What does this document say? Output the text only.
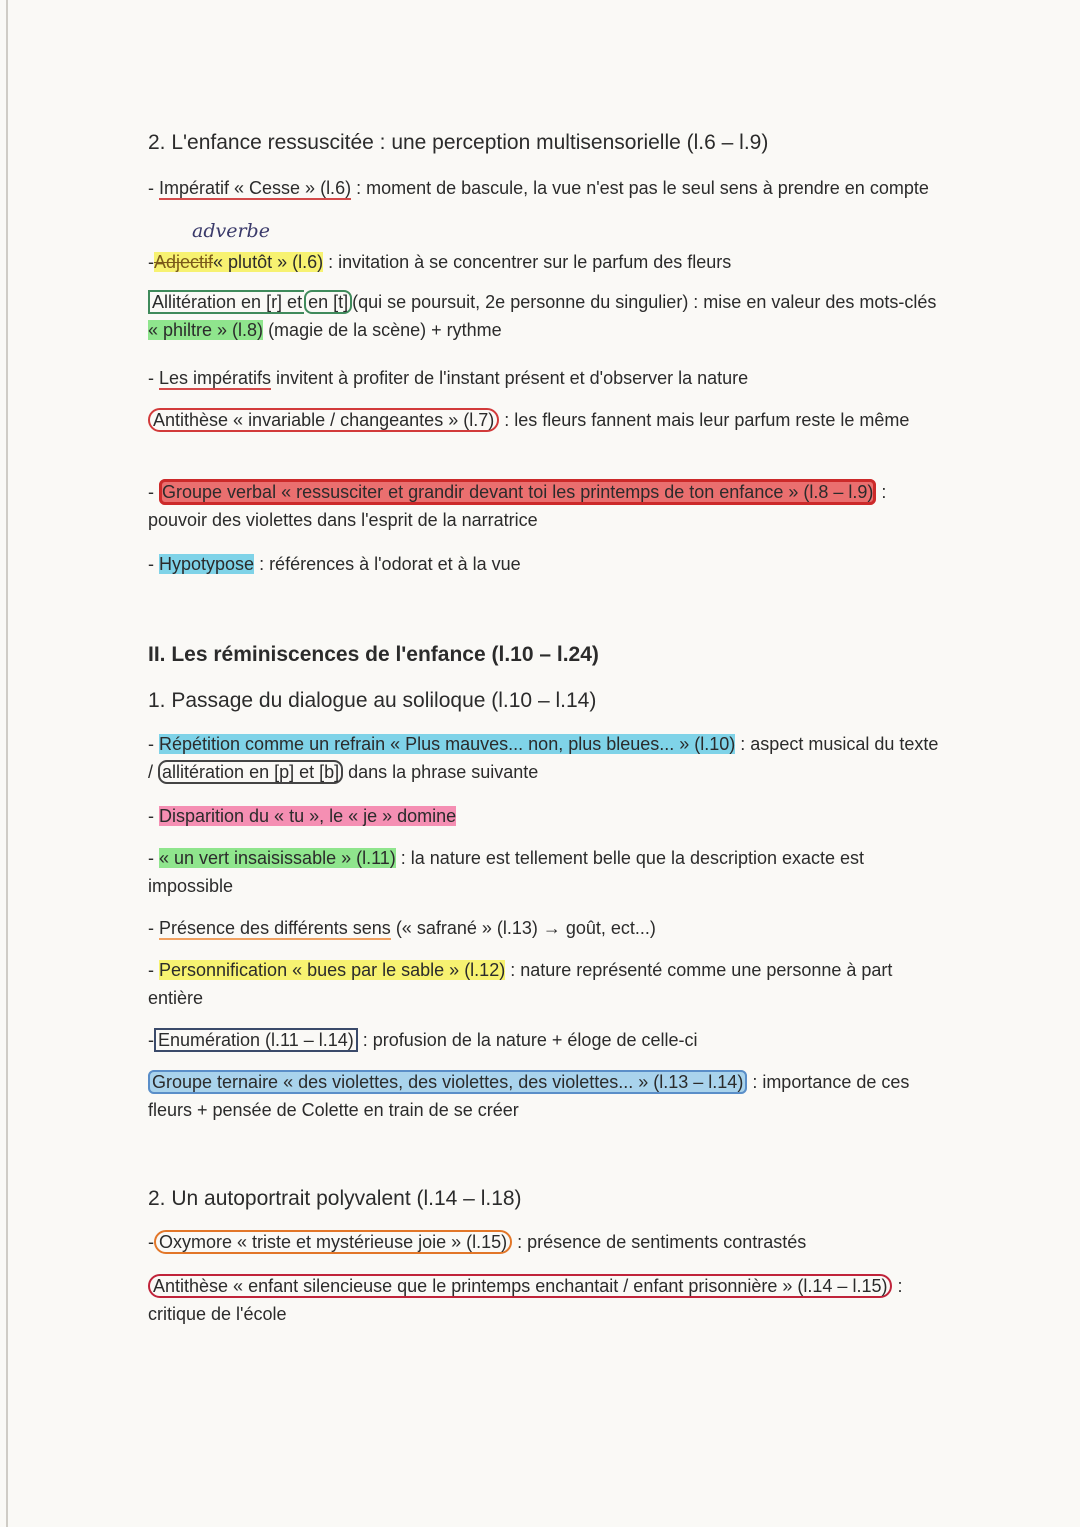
2. L'enfance ressuscitée : une perception multisensorielle (l.6 – l.9)
- Impératif « Cesse » (l.6) : moment de bascule, la vue n'est pas le seul sens à prendre en compte
adverbe
-Adjectif« plutôt » (l.6) : invitation à se concentrer sur le parfum des fleurs
Allitération en [r] et en [t] (qui se poursuit, 2e personne du singulier) : mise en valeur des mots-clés « philtre » (l.8) (magie de la scène) + rythme
- Les impératifs invitent à profiter de l'instant présent et d'observer la nature
Antithèse « invariable / changeantes » (l.7) : les fleurs fannent mais leur parfum reste le même
- Groupe verbal « ressusciter et grandir devant toi les printemps de ton enfance » (l.8 – l.9) : pouvoir des violettes dans l'esprit de la narratrice
- Hypotypose : références à l'odorat et à la vue
II. Les réminiscences de l'enfance (l.10 – l.24)
1. Passage du dialogue au soliloque (l.10 – l.14)
- Répétition comme un refrain « Plus mauves... non, plus bleues... » (l.10) : aspect musical du texte / allitération en [p] et [b] dans la phrase suivante
- Disparition du « tu », le « je » domine
- « un vert insaisissable » (l.11) : la nature est tellement belle que la description exacte est impossible
- Présence des différents sens (« safrané » (l.13) → goût, ect...)
- Personnification « bues par le sable » (l.12) : nature représenté comme une personne à part entière
- Enumération (l.11 – l.14) : profusion de la nature + éloge de celle-ci
Groupe ternaire « des violettes, des violettes, des violettes... » (l.13 – l.14) : importance de ces fleurs + pensée de Colette en train de se créer
2. Un autoportrait polyvalent (l.14 – l.18)
- Oxymore « triste et mystérieuse joie » (l.15) : présence de sentiments contrastés
Antithèse « enfant silencieuse que le printemps enchantait / enfant prisonnière » (l.14 – l.15) : critique de l'école
